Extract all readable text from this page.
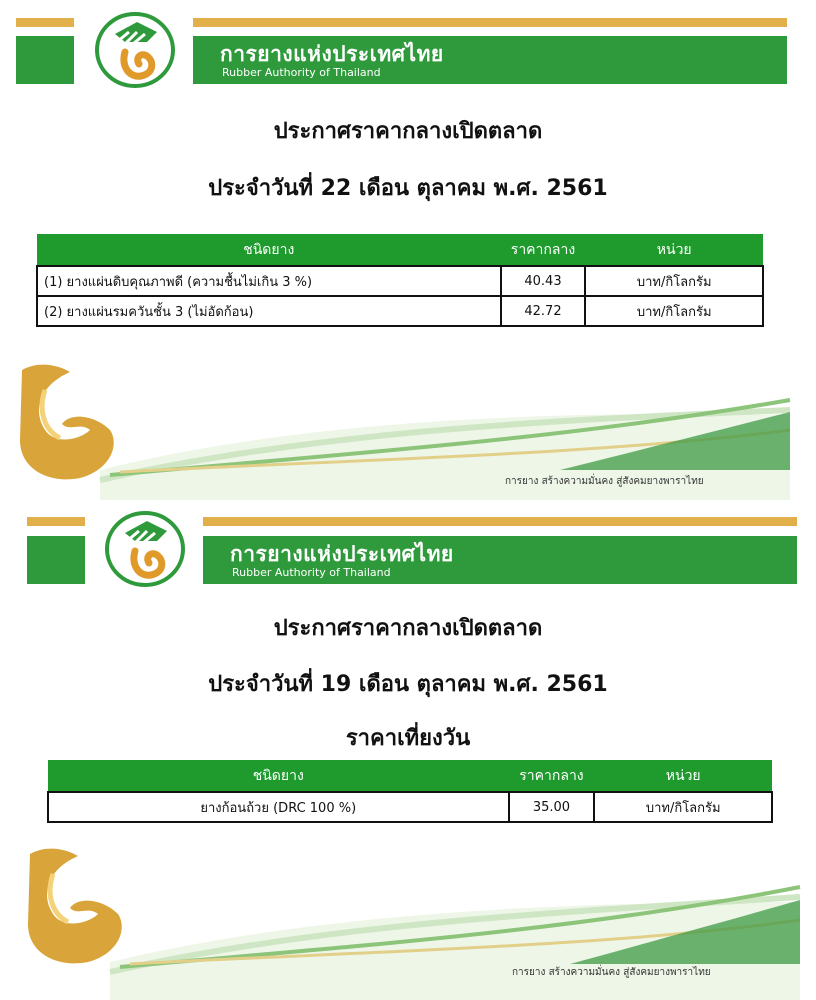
การยางแห่งประเทศไทย
Rubber Authority of Thailand
ประกาศราคากลางเปิดตลาด
ประจำวันที่ 22 เดือน ตุลาคม พ.ศ. 2561
ชนิดยาง	ราคากลาง	หน่วย
(1) ยางแผ่นดิบคุณภาพดี (ความชื้นไม่เกิน 3 %)	40.43	บาท/กิโลกรัม
(2) ยางแผ่นรมควันชั้น 3 (ไม่อัดก้อน)	42.72	บาท/กิโลกรัม
การยาง สร้างความมั่นคง สู่สังคมยางพาราไทย
การยางแห่งประเทศไทย
Rubber Authority of Thailand
ประกาศราคากลางเปิดตลาด
ประจำวันที่ 19 เดือน ตุลาคม พ.ศ. 2561
ราคาเที่ยงวัน
ชนิดยาง	ราคากลาง	หน่วย
ยางก้อนถ้วย (DRC 100 %)	35.00	บาท/กิโลกรัม
การยาง สร้างความมั่นคง สู่สังคมยางพาราไทย
